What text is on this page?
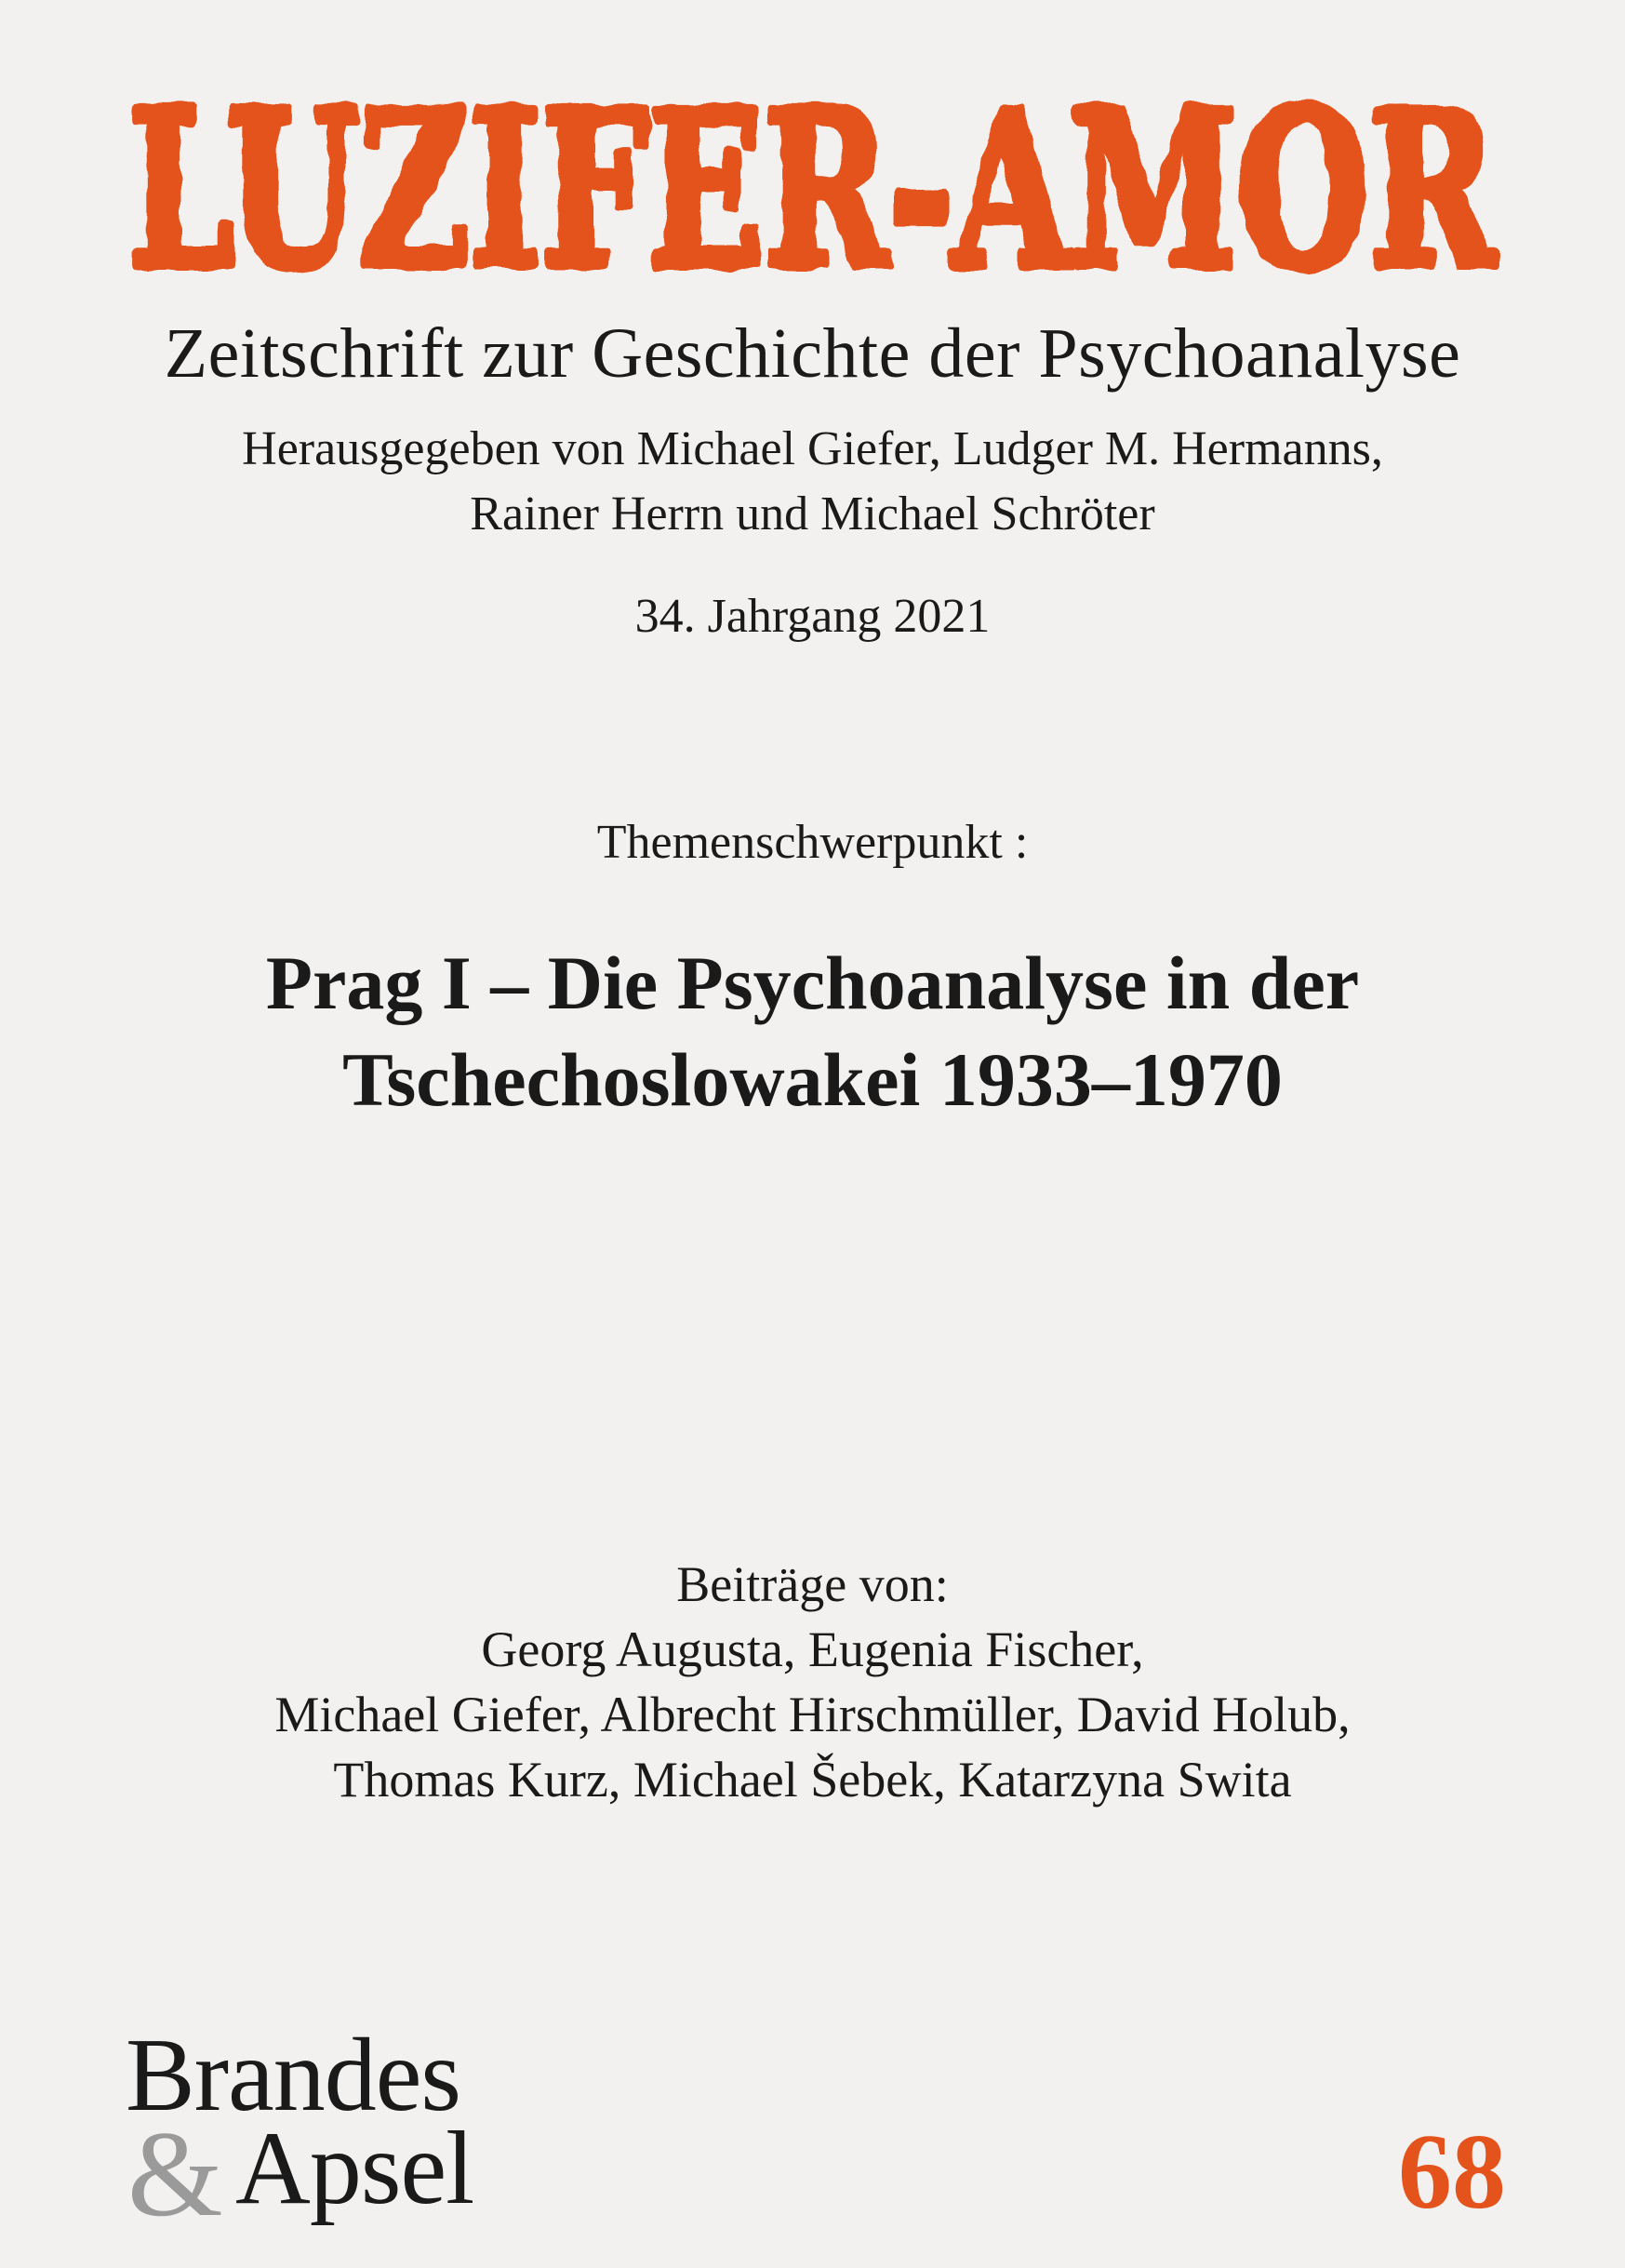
LUZIFER-AMOR
Zeitschrift zur Geschichte der Psychoanalyse
Herausgegeben von Michael Giefer, Ludger M. Hermanns,
Rainer Herrn und Michael Schröter
34. Jahrgang 2021
Themenschwerpunkt :
Prag I – Die Psychoanalyse in der
Tschechoslowakei 1933–1970
Beiträge von:
Georg Augusta, Eugenia Fischer,
Michael Giefer, Albrecht Hirschmüller, David Holub,
Thomas Kurz, Michael Šebek, Katarzyna Swita
Brandes
& Apsel	68
